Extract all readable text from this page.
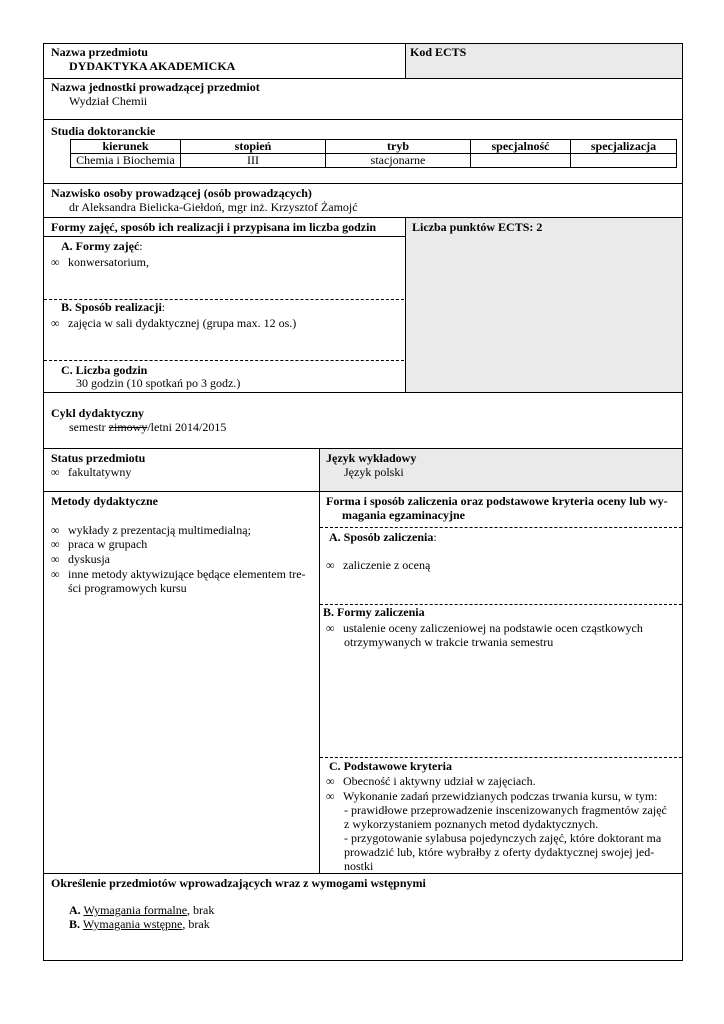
Nazwa przedmiotu
DYDAKTYKA AKADEMICKA
Kod ECTS
Nazwa jednostki prowadzącej przedmiot
Wydział Chemii
Studia doktoranckie
kierunek	stopień	tryb	specjalność	specjalizacja
Chemia i Biochemia	III	stacjonarne		
Nazwisko osoby prowadzącej (osób prowadzących)
dr Aleksandra Bielicka-Giełdoń, mgr inż. Krzysztof Żamojć
Formy zajęć, sposób ich realizacji i przypisana im liczba godzin	Liczba punktów ECTS: 2
A. Formy zajęć:
∞ konwersatorium,
B. Sposób realizacji:
∞ zajęcia w sali dydaktycznej (grupa max. 12 os.)
C. Liczba godzin
30 godzin (10 spotkań po 3 godz.)
Cykl dydaktyczny
semestr zimowy/letni 2014/2015
Status przedmiotu
∞ fakultatywny
Język wykładowy
Język polski
Metody dydaktyczne
∞ wykłady z prezentacją multimedialną;
∞ praca w grupach
∞ dyskusja
∞ inne metody aktywizujące będące elementem tre-
ści programowych kursu
Forma i sposób zaliczenia oraz podstawowe kryteria oceny lub wy-
magania egzaminacyjne
A. Sposób zaliczenia:
∞ zaliczenie z oceną
B. Formy zaliczenia
∞ ustalenie oceny zaliczeniowej na podstawie ocen cząstkowych
otrzymywanych w trakcie trwania semestru
C. Podstawowe kryteria
∞ Obecność i aktywny udział w zajęciach.
∞ Wykonanie zadań przewidzianych podczas trwania kursu, w tym:
- prawidłowe przeprowadzenie inscenizowanych fragmentów zajęć
z wykorzystaniem poznanych metod dydaktycznych.
- przygotowanie sylabusa pojedynczych zajęć, które doktorant ma
prowadzić lub, które wybrałby z oferty dydaktycznej swojej jed-
nostki
Określenie przedmiotów wprowadzających wraz z wymogami wstępnymi
A. Wymagania formalne, brak
B. Wymagania wstępne, brak
